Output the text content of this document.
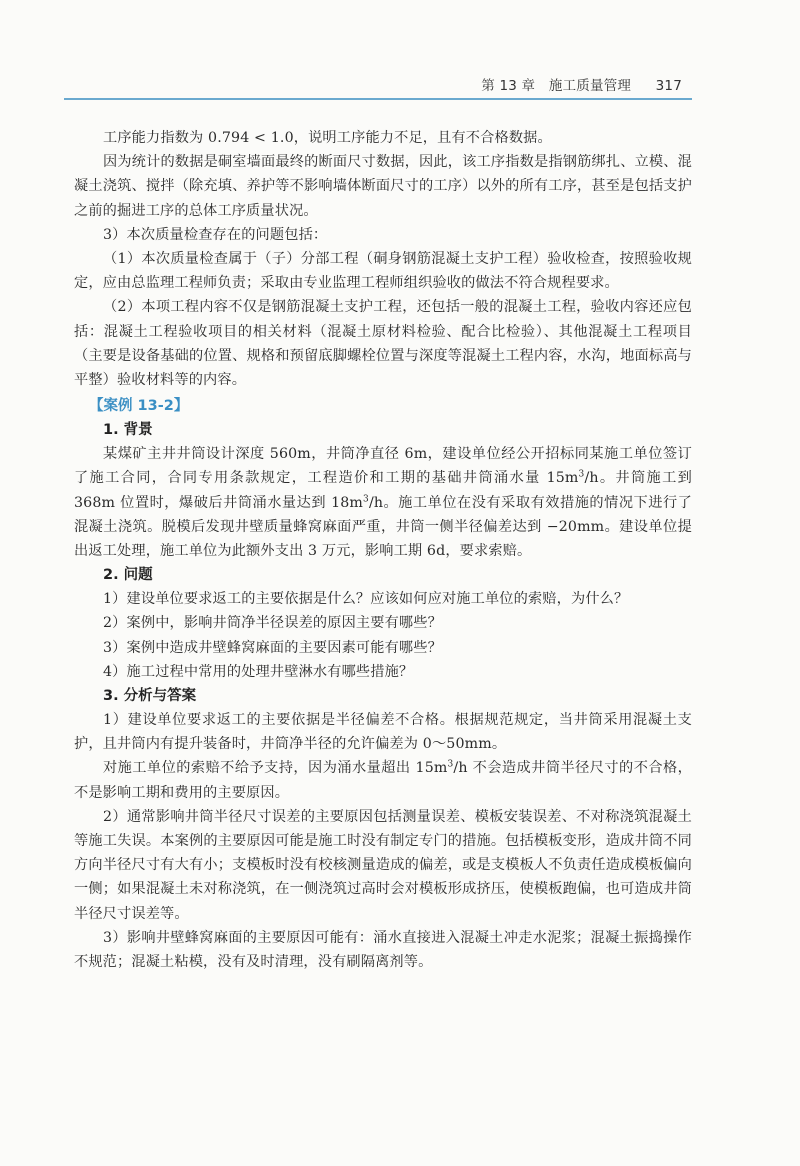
第 13 章　施工质量管理 317

工序能力指数为 0.794 < 1.0，说明工序能力不足，且有不合格数据。

因为统计的数据是硐室墙面最终的断面尺寸数据，因此，该工序指数是指钢筋绑扎、立模、混凝土浇筑、搅拌（除充填、养护等不影响墙体断面尺寸的工序）以外的所有工序，甚至是包括支护之前的掘进工序的总体工序质量状况。

3）本次质量检查存在的问题包括：

（1）本次质量检查属于（子）分部工程（硐身钢筋混凝土支护工程）验收检查，按照验收规定，应由总监理工程师负责；采取由专业监理工程师组织验收的做法不符合规程要求。

（2）本项工程内容不仅是钢筋混凝土支护工程，还包括一般的混凝土工程，验收内容还应包括：混凝土工程验收项目的相关材料（混凝土原材料检验、配合比检验）、其他混凝土工程项目（主要是设备基础的位置、规格和预留底脚螺栓位置与深度等混凝土工程内容，水沟，地面标高与平整）验收材料等的内容。

【案例 13-2】
1. 背景

某煤矿主井井筒设计深度 560m，井筒净直径 6m，建设单位经公开招标同某施工单位签订了施工合同，合同专用条款规定，工程造价和工期的基础井筒涌水量 $15m^3/h$。井筒施工到 368m 位置时，爆破后井筒涌水量达到 $18m^3/h$。施工单位在没有采取有效措施的情况下进行了混凝土浇筑。脱模后发现井壁质量蜂窝麻面严重，井筒一侧半径偏差达到 −20mm。建设单位提出返工处理，施工单位为此额外支出 3 万元，影响工期 6d，要求索赔。

2. 问题

1）建设单位要求返工的主要依据是什么？应该如何应对施工单位的索赔，为什么？

2）案例中，影响井筒净半径误差的原因主要有哪些？

3）案例中造成井壁蜂窝麻面的主要因素可能有哪些？

4）施工过程中常用的处理井壁淋水有哪些措施？

3. 分析与答案

1）建设单位要求返工的主要依据是半径偏差不合格。根据规范规定，当井筒采用混凝土支护，且井筒内有提升装备时，井筒净半径的允许偏差为 0～50mm。

对施工单位的索赔不给予支持，因为涌水量超出 $15m^3/h$ 不会造成井筒半径尺寸的不合格，不是影响工期和费用的主要原因。

2）通常影响井筒半径尺寸误差的主要原因包括测量误差、模板安装误差、不对称浇筑混凝土等施工失误。本案例的主要原因可能是施工时没有制定专门的措施。包括模板变形，造成井筒不同方向半径尺寸有大有小；支模板时没有校核测量造成的偏差，或是支模板人不负责任造成模板偏向一侧；如果混凝土未对称浇筑，在一侧浇筑过高时会对模板形成挤压，使模板跑偏，也可造成井筒半径尺寸误差等。

3）影响井壁蜂窝麻面的主要原因可能有：涌水直接进入混凝土冲走水泥浆；混凝土振捣操作不规范；混凝土粘模，没有及时清理，没有刷隔离剂等。
